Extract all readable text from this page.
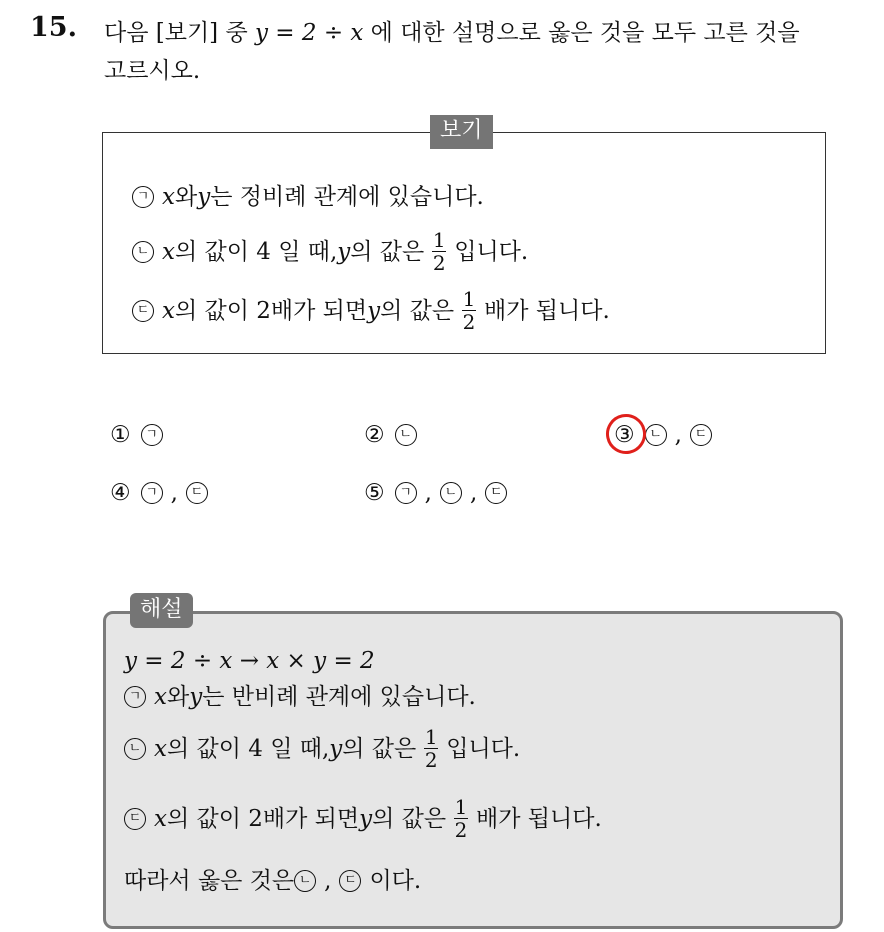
15. 다음 [보기] 중 y = 2 ÷ x 에 대한 설명으로 옳은 것을 모두 고른 것을
고르시오.
보기
ㄱ x 와 y 는 정비례 관계에 있습니다.
ㄴ x 의 값이 4 일 때, y 의 값은 $\frac{1}{2}$ 입니다.
ㄷ x 의 값이 2배가 되면 y 의 값은 $\frac{1}{2}$ 배가 됩니다.
①	ㄱ	②	ㄴ	③	ㄴ , ㄷ
④	ㄱ , ㄷ	⑤	ㄱ , ㄴ , ㄷ
해설
y = 2 ÷ x → x × y = 2
ㄱ x 와 y 는 반비례 관계에 있습니다.
ㄴ x 의 값이 4 일 때, y 의 값은 $\frac{1}{2}$ 입니다.
ㄷ x 의 값이 2배가 되면 y 의 값은 $\frac{1}{2}$ 배가 됩니다.
따라서 옳은 것은 ㄴ , ㄷ 이다.
